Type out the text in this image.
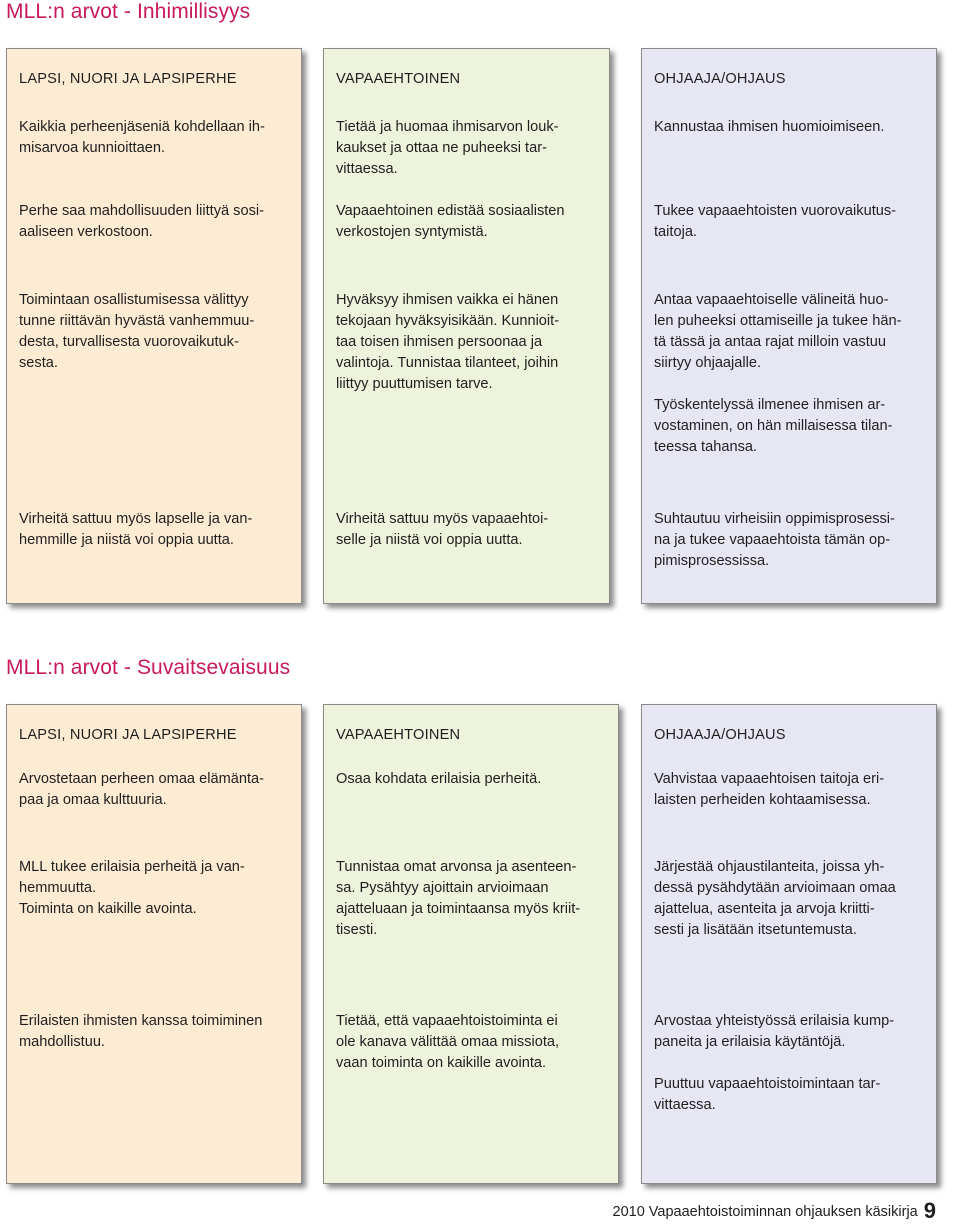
MLL:n arvot - Inhimillisyys
LAPSI, NUORI JA LAPSIPERHE

Kaikkia perheenjäseniä kohdellaan ih-
misarvoa kunnioittaen.

Perhe saa mahdollisuuden liittyä sosi-
aaliseen verkostoon.

Toimintaan osallistumisessa välittyy
tunne riittävän hyvästä vanhemmuu-
desta, turvallisesta vuorovaikutuk-
sesta.

Virheitä sattuu myös lapselle ja van-
hemmille ja niistä voi oppia uutta.

VAPAAEHTOINEN

Tietää ja huomaa ihmisarvon louk-
kaukset ja ottaa ne puheeksi tar-
vittaessa.

Vapaaehtoinen edistää sosiaalisten
verkostojen syntymistä.

Hyväksyy ihmisen vaikka ei hänen
tekojaan hyväksyisikään. Kunnioit-
taa toisen ihmisen persoonaa ja
valintoja. Tunnistaa tilanteet, joihin
liittyy puuttumisen tarve.

Virheitä sattuu myös vapaaehtoi-
selle ja niistä voi oppia uutta.

OHJAAJA/OHJAUS

Kannustaa ihmisen huomioimiseen.

Tukee vapaaehtoisten vuorovaikutus-
taitoja.

Antaa vapaaehtoiselle välineitä huo-
len puheeksi ottamiseille ja tukee hän-
tä tässä ja antaa rajat milloin vastuu
siirtyy ohjaajalle.

Työskentelyssä ilmenee ihmisen ar-
vostaminen, on hän millaisessa tilan-
teessa tahansa.

Suhtautuu virheisiin oppimisprosessi-
na ja tukee vapaaehtoista tämän op-
pimisprosessissa.

MLL:n arvot - Suvaitsevaisuus
LAPSI, NUORI JA LAPSIPERHE

Arvostetaan perheen omaa elämänta-
paa ja omaa kulttuuria.

MLL tukee erilaisia perheitä ja van-
hemmuutta.
Toiminta on kaikille avointa.

Erilaisten ihmisten kanssa toimiminen
mahdollistuu.

VAPAAEHTOINEN

Osaa kohdata erilaisia perheitä.

Tunnistaa omat arvonsa ja asenteen-
sa. Pysähtyy ajoittain arvioimaan
ajatteluaan ja toimintaansa myös kriit-
tisesti.

Tietää, että vapaaehtoistoiminta ei
ole kanava välittää omaa missiota,
vaan toiminta on kaikille avointa.

OHJAAJA/OHJAUS

Vahvistaa vapaaehtoisen taitoja eri-
laisten perheiden kohtaamisessa.

Järjestää ohjaustilanteita, joissa yh-
dessä pysähdytään arvioimaan omaa
ajattelua, asenteita ja arvoja kriitti-
sesti ja lisätään itsetuntemusta.

Arvostaa yhteistyössä erilaisia kump-
paneita ja erilaisia käytäntöjä.

Puuttuu vapaaehtoistoimintaan tar-
vittaessa.

2010 Vapaaehtoistoiminnan ohjauksen käsikirja 9
